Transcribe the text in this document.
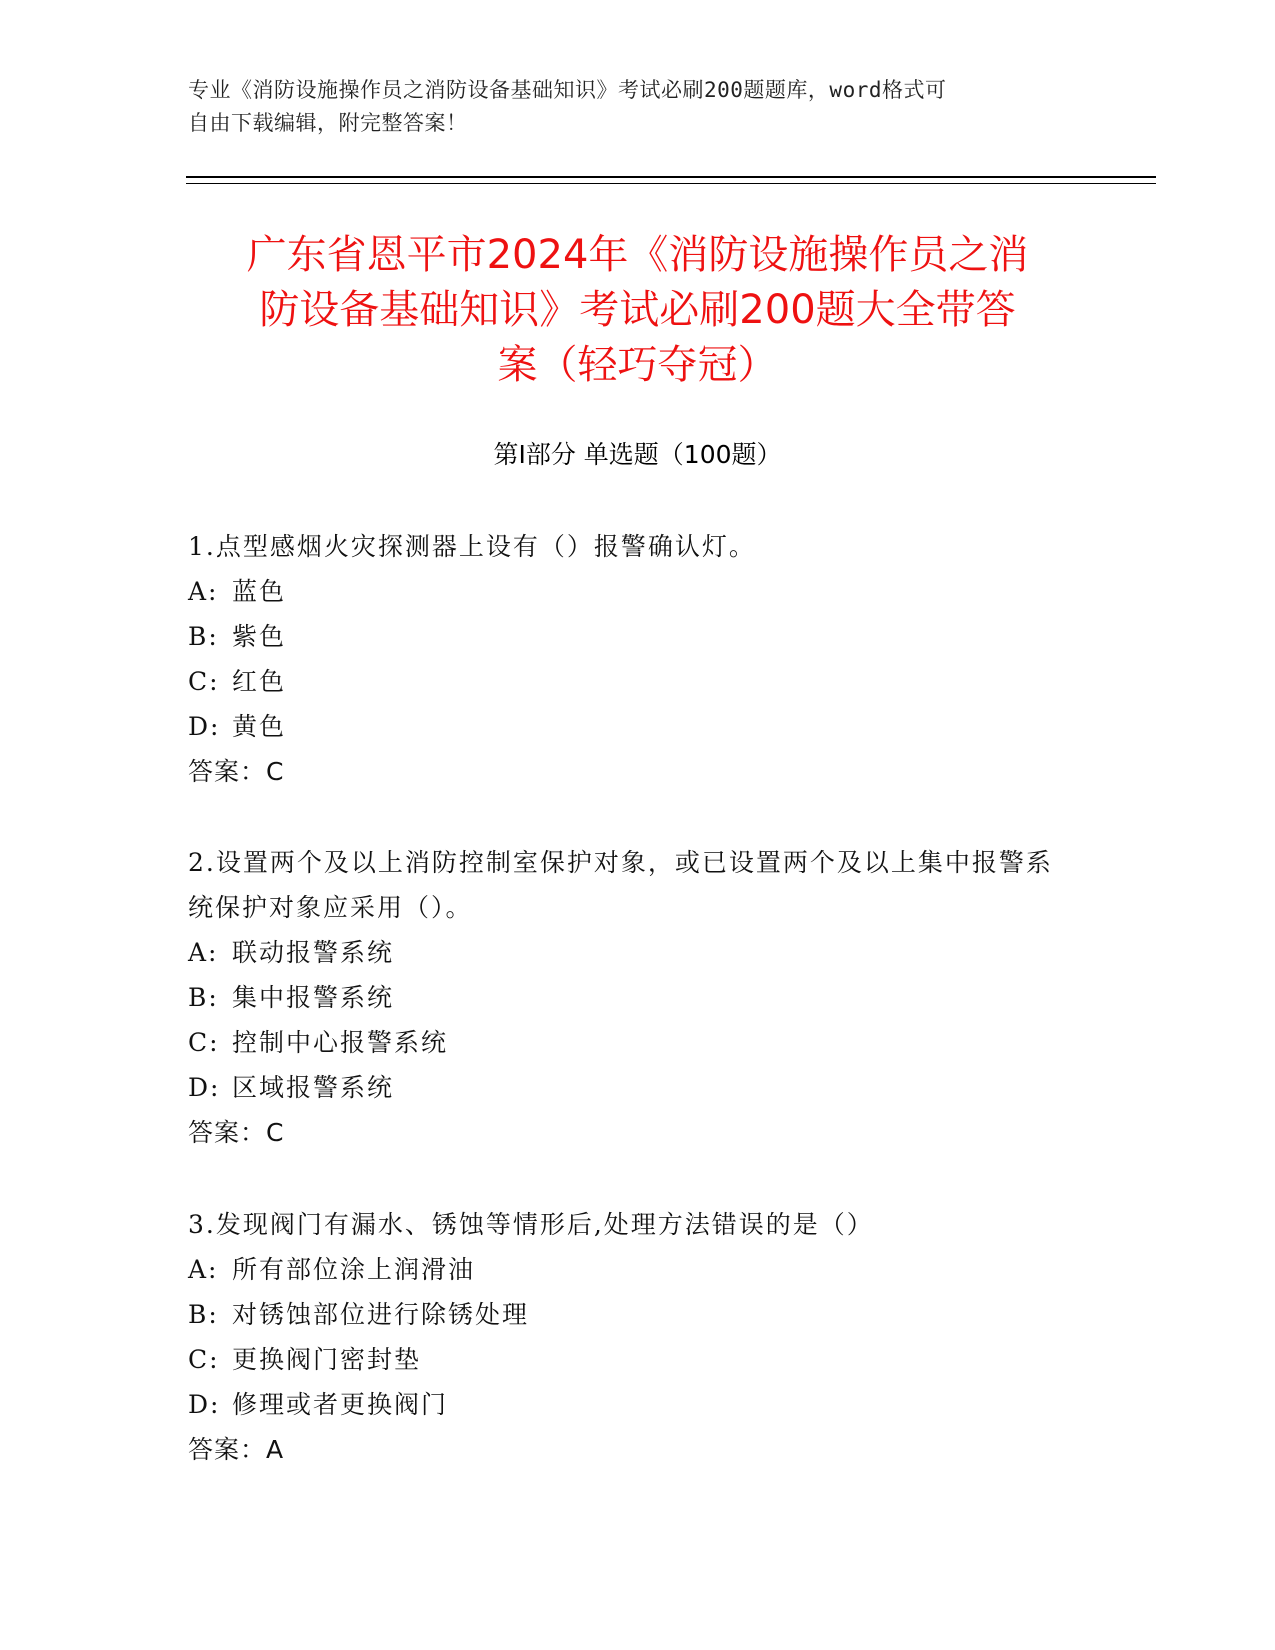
专业《消防设施操作员之消防设备基础知识》考试必刷200题题库，word格式可
自由下载编辑，附完整答案！
广东省恩平市2024年《消防设施操作员之消
防设备基础知识》考试必刷200题大全带答
案（轻巧夺冠）
第Ⅰ部分 单选题（100题）
1.点型感烟火灾探测器上设有（）报警确认灯。
A: 蓝色
B: 紫色
C: 红色
D: 黄色
答案：C
2.设置两个及以上消防控制室保护对象，或已设置两个及以上集中报警系统保护对象应采用（）。
A: 联动报警系统
B: 集中报警系统
C: 控制中心报警系统
D: 区域报警系统
答案：C
3.发现阀门有漏水、锈蚀等情形后,处理方法错误的是（）
A: 所有部位涂上润滑油
B: 对锈蚀部位进行除锈处理
C: 更换阀门密封垫
D: 修理或者更换阀门
答案：A
